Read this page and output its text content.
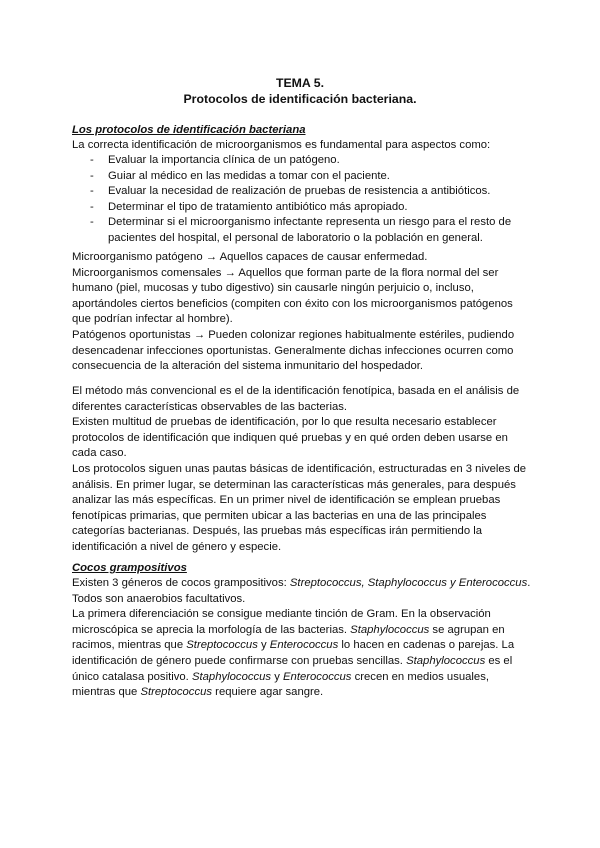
TEMA 5.
Protocolos de identificación bacteriana.
Los protocolos de identificación bacteriana
La correcta identificación de microorganismos es fundamental para aspectos como:
- Evaluar la importancia clínica de un patógeno.
- Guiar al médico en las medidas a tomar con el paciente.
- Evaluar la necesidad de realización de pruebas de resistencia a antibióticos.
- Determinar el tipo de tratamiento antibiótico más apropiado.
- Determinar si el microorganismo infectante representa un riesgo para el resto de pacientes del hospital, el personal de laboratorio o la población en general.

Microorganismo patógeno → Aquellos capaces de causar enfermedad.

Microorganismos comensales → Aquellos que forman parte de la flora normal del ser humano (piel, mucosas y tubo digestivo) sin causarle ningún perjuicio o, incluso, aportándoles ciertos beneficios (compiten con éxito con los microorganismos patógenos que podrían infectar al hombre).

Patógenos oportunistas → Pueden colonizar regiones habitualmente estériles, pudiendo desencadenar infecciones oportunistas. Generalmente dichas infecciones ocurren como consecuencia de la alteración del sistema inmunitario del hospedador.

El método más convencional es el de la identificación fenotípica, basada en el análisis de diferentes características observables de las bacterias.

Existen multitud de pruebas de identificación, por lo que resulta necesario establecer protocolos de identificación que indiquen qué pruebas y en qué orden deben usarse en cada caso.

Los protocolos siguen unas pautas básicas de identificación, estructuradas en 3 niveles de análisis. En primer lugar, se determinan las características más generales, para después analizar las más específicas. En un primer nivel de identificación se emplean pruebas fenotípicas primarias, que permiten ubicar a las bacterias en una de las principales categorías bacterianas. Después, las pruebas más específicas irán permitiendo la identificación a nivel de género y especie.

Cocos grampositivos

Existen 3 géneros de cocos grampositivos: Streptococcus, Staphylococcus y Enterococcus. Todos son anaerobios facultativos.

La primera diferenciación se consigue mediante tinción de Gram. En la observación microscópica se aprecia la morfología de las bacterias. Staphylococcus se agrupan en racimos, mientras que Streptococcus y Enterococcus lo hacen en cadenas o parejas. La identificación de género puede confirmarse con pruebas sencillas. Staphylococcus es el único catalasa positivo. Staphylococcus y Enterococcus crecen en medios usuales, mientras que Streptococcus requiere agar sangre.
